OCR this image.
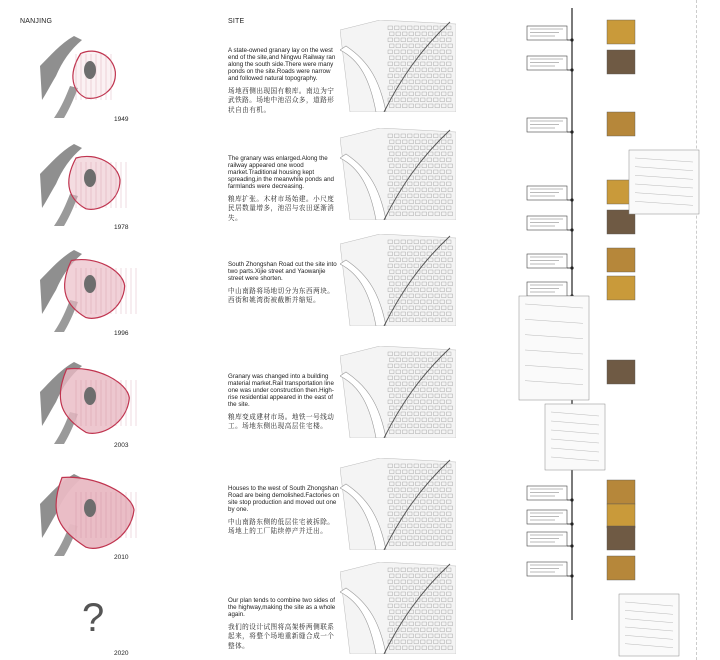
NANJING	SITE
1949
A state-owned granary lay on the west end of the site,and Ningwu Railway ran along the south side.There were many ponds on the site.Roads were narrow and followed natural topography.
场地西侧出现国有粮库。南边为宁武铁路。场地中池沼众多，道路形状自由有机。
1978
The granary was enlarged.Along the railway appeared one wood market.Traditional housing kept spreading,in the meanwhile ponds and farmlands were decreasing.
粮库扩张。木材市场始建。小尺度民居数量增多，池沼与农田逐渐消失。
1996
South Zhongshan Road cut the site into two parts.Xijie street and Yaowanjie street were shorten.
中山南路将场地切分为东西两块。西街和姚湾街被截断并缩短。
2003
Granary was changed into a building material market.Rail transportation line one was under construction then.High-rise residential appeared in the east of the site.
粮库变成建材市场。地铁一号线动工。场地东侧出现高层住宅楼。
2010
Houses to the west of South Zhongshan Road are being demolished.Factories on site stop production and moved out one by one.
中山南路东侧的低层住宅被拆除。场地上的工厂陆续停产并迁出。
2020
Our plan tends to combine two sides of the highway,making the site as a whole again.
我们的设计试图将高架桥两侧联系起来，将整个场地重新缝合成一个整体。
?
